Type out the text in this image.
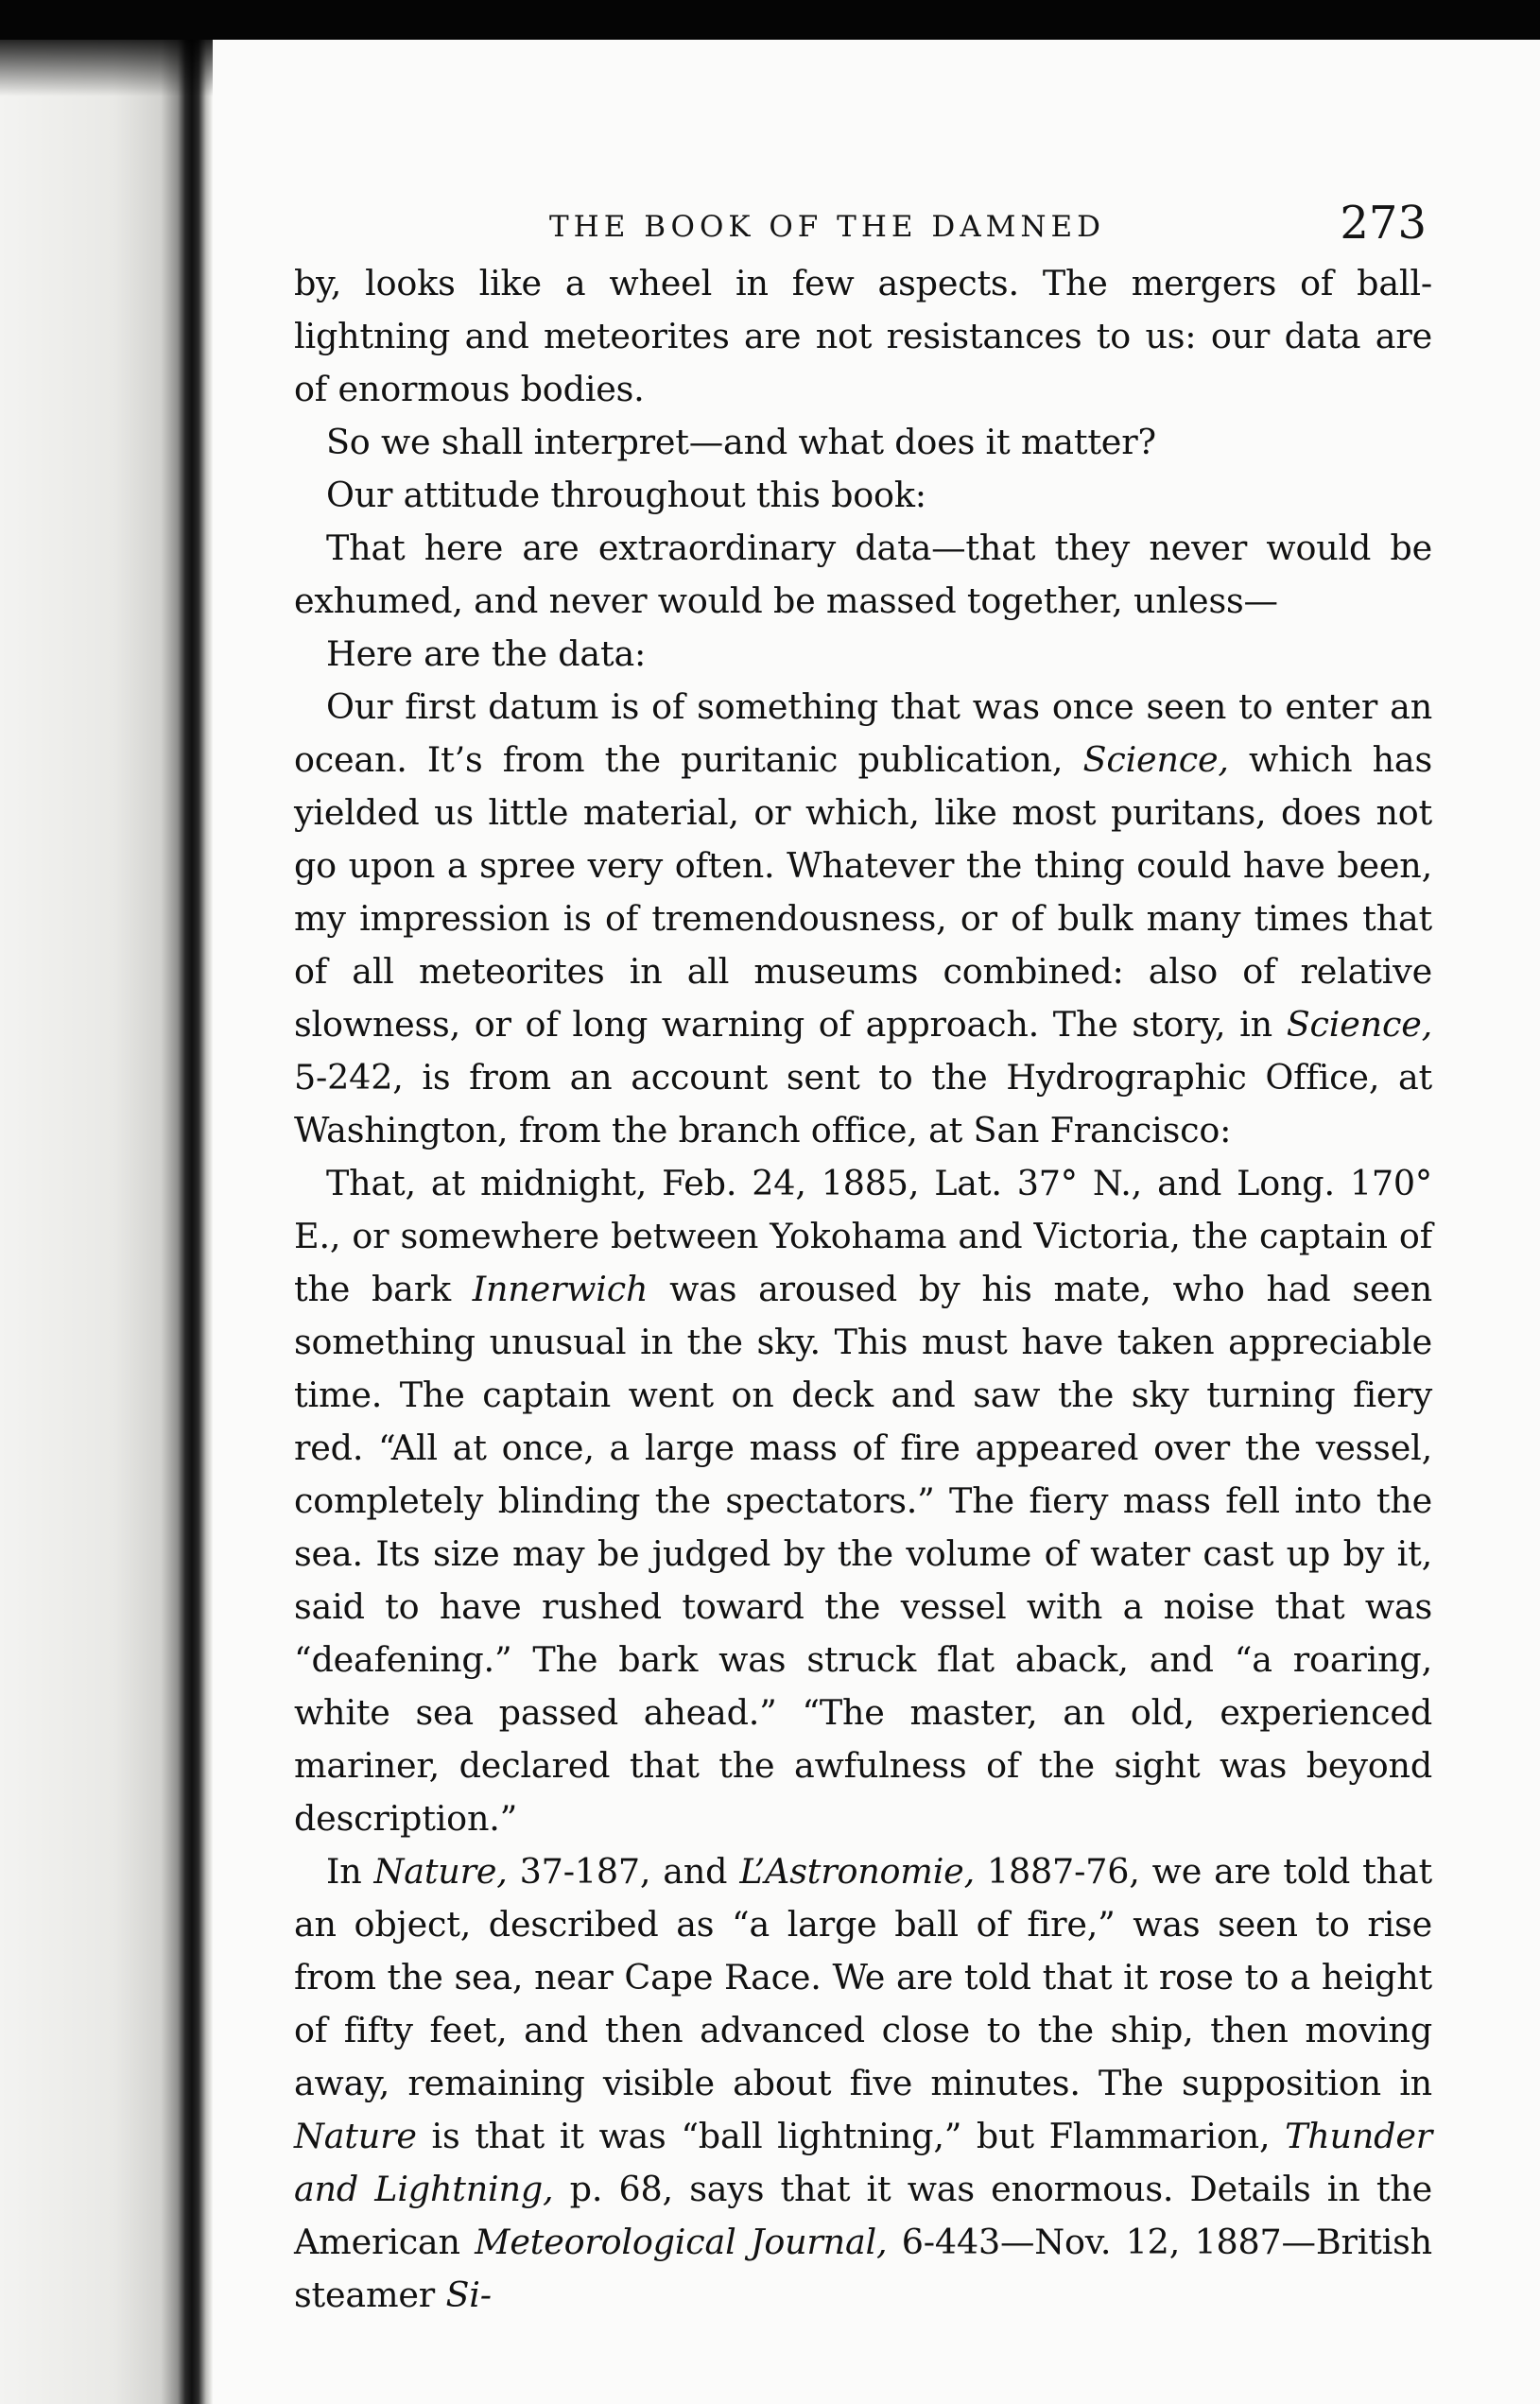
THE BOOK OF THE DAMNED	273

by, looks like a wheel in few aspects. The mergers of ball-lightning and meteorites are not resistances to us: our data are of enormous bodies.

So we shall interpret—and what does it matter?

Our attitude throughout this book:

That here are extraordinary data—that they never would be exhumed, and never would be massed together, unless—

Here are the data:

Our first datum is of something that was once seen to enter an ocean. It’s from the puritanic publication, Science, which has yielded us little material, or which, like most puritans, does not go upon a spree very often. Whatever the thing could have been, my impression is of tremendousness, or of bulk many times that of all meteorites in all museums combined: also of relative slowness, or of long warning of approach. The story, in Science, 5-242, is from an account sent to the Hydrographic Office, at Washington, from the branch office, at San Francisco:

That, at midnight, Feb. 24, 1885, Lat. 37° N., and Long. 170° E., or somewhere between Yokohama and Victoria, the captain of the bark Innerwich was aroused by his mate, who had seen something unusual in the sky. This must have taken appreciable time. The captain went on deck and saw the sky turning fiery red. “All at once, a large mass of fire appeared over the vessel, completely blinding the spectators.” The fiery mass fell into the sea. Its size may be judged by the volume of water cast up by it, said to have rushed toward the vessel with a noise that was “deafening.” The bark was struck flat aback, and “a roaring, white sea passed ahead.” “The master, an old, experienced mariner, declared that the awfulness of the sight was beyond description.”

In Nature, 37-187, and L’Astronomie, 1887-76, we are told that an object, described as “a large ball of fire,” was seen to rise from the sea, near Cape Race. We are told that it rose to a height of fifty feet, and then advanced close to the ship, then moving away, remaining visible about five minutes. The supposition in Nature is that it was “ball lightning,” but Flammarion, Thunder and Lightning, p. 68, says that it was enormous. Details in the American Meteorological Journal, 6-443—Nov. 12, 1887—British steamer Si-
